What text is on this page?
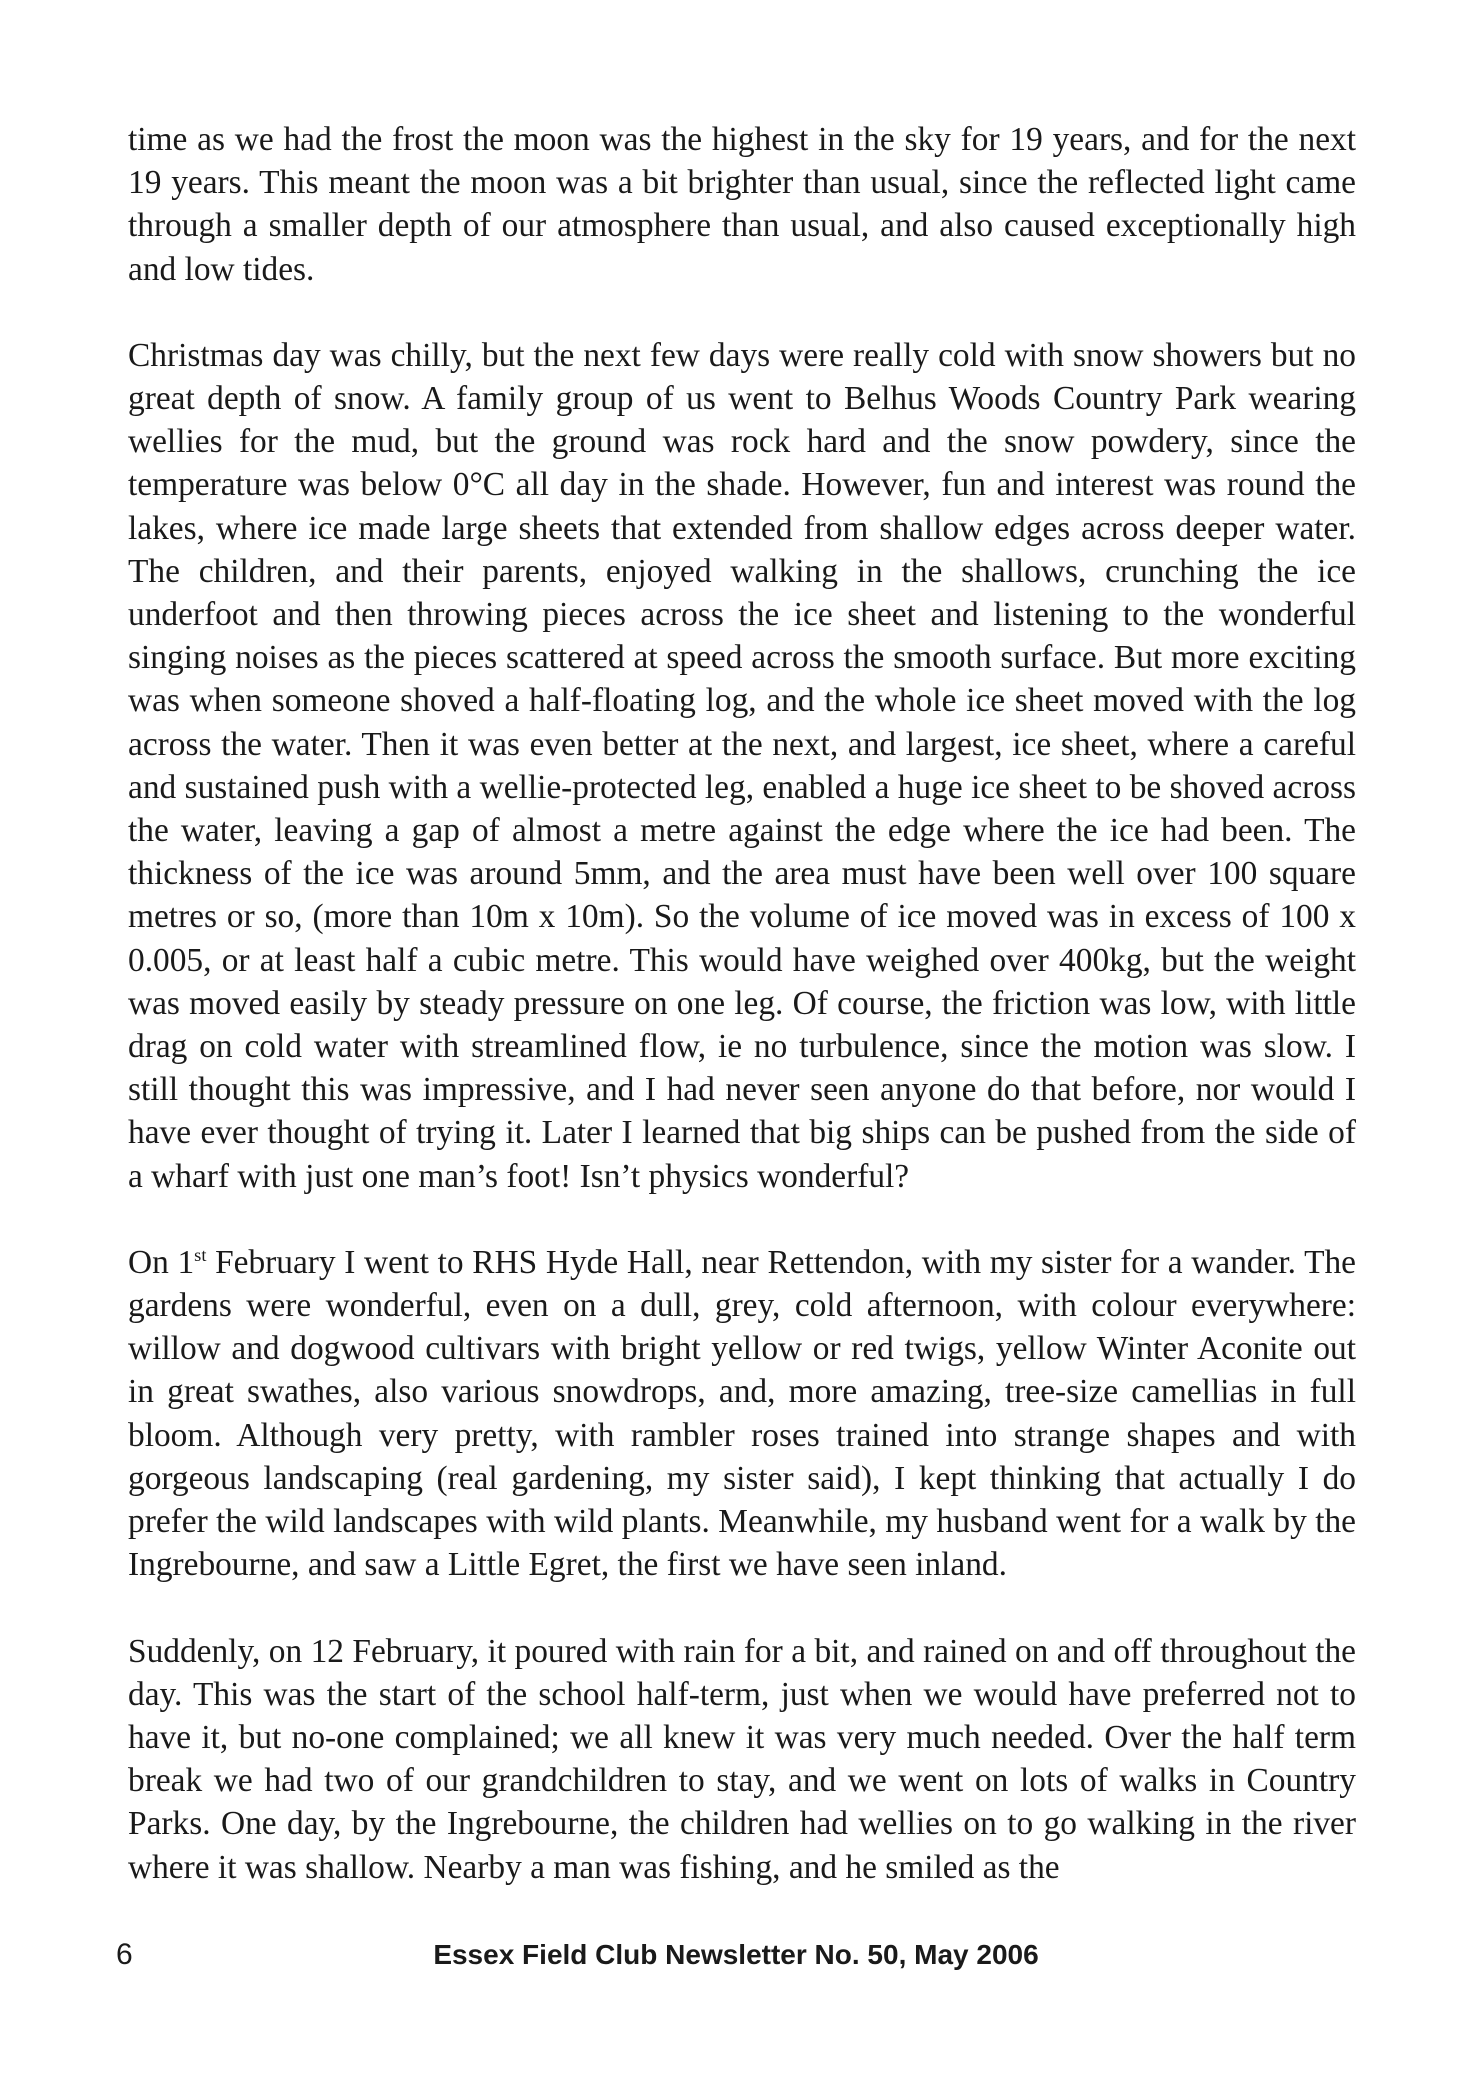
time as we had the frost the moon was the highest in the sky for 19 years, and for the next 19 years. This meant the moon was a bit brighter than usual, since the reflected light came through a smaller depth of our atmosphere than usual, and also caused exceptionally high and low tides.

Christmas day was chilly, but the next few days were really cold with snow showers but no great depth of snow. A family group of us went to Belhus Woods Country Park wearing wellies for the mud, but the ground was rock hard and the snow powdery, since the temperature was below 0°C all day in the shade. However, fun and interest was round the lakes, where ice made large sheets that extended from shallow edges across deeper water. The children, and their parents, enjoyed walking in the shallows, crunching the ice underfoot and then throwing pieces across the ice sheet and listening to the wonderful singing noises as the pieces scattered at speed across the smooth surface. But more exciting was when someone shoved a half-floating log, and the whole ice sheet moved with the log across the water. Then it was even better at the next, and largest, ice sheet, where a careful and sustained push with a wellie-protected leg, enabled a huge ice sheet to be shoved across the water, leaving a gap of almost a metre against the edge where the ice had been. The thickness of the ice was around 5mm, and the area must have been well over 100 square metres or so, (more than 10m x 10m). So the volume of ice moved was in excess of 100 x 0.005, or at least half a cubic metre. This would have weighed over 400kg, but the weight was moved easily by steady pressure on one leg. Of course, the friction was low, with little drag on cold water with streamlined flow, ie no turbulence, since the motion was slow. I still thought this was impressive, and I had never seen anyone do that before, nor would I have ever thought of trying it. Later I learned that big ships can be pushed from the side of a wharf with just one man’s foot! Isn’t physics wonderful?

On 1st February I went to RHS Hyde Hall, near Rettendon, with my sister for a wander. The gardens were wonderful, even on a dull, grey, cold afternoon, with colour everywhere: willow and dogwood cultivars with bright yellow or red twigs, yellow Winter Aconite out in great swathes, also various snowdrops, and, more amazing, tree-size camellias in full bloom. Although very pretty, with rambler roses trained into strange shapes and with gorgeous landscaping (real gardening, my sister said), I kept thinking that actually I do prefer the wild landscapes with wild plants. Meanwhile, my husband went for a walk by the Ingrebourne, and saw a Little Egret, the first we have seen inland.

Suddenly, on 12 February, it poured with rain for a bit, and rained on and off throughout the day. This was the start of the school half-term, just when we would have preferred not to have it, but no-one complained; we all knew it was very much needed. Over the half term break we had two of our grandchildren to stay, and we went on lots of walks in Country Parks. One day, by the Ingrebourne, the children had wellies on to go walking in the river where it was shallow. Nearby a man was fishing, and he smiled as the

6	Essex Field Club Newsletter No. 50, May 2006
